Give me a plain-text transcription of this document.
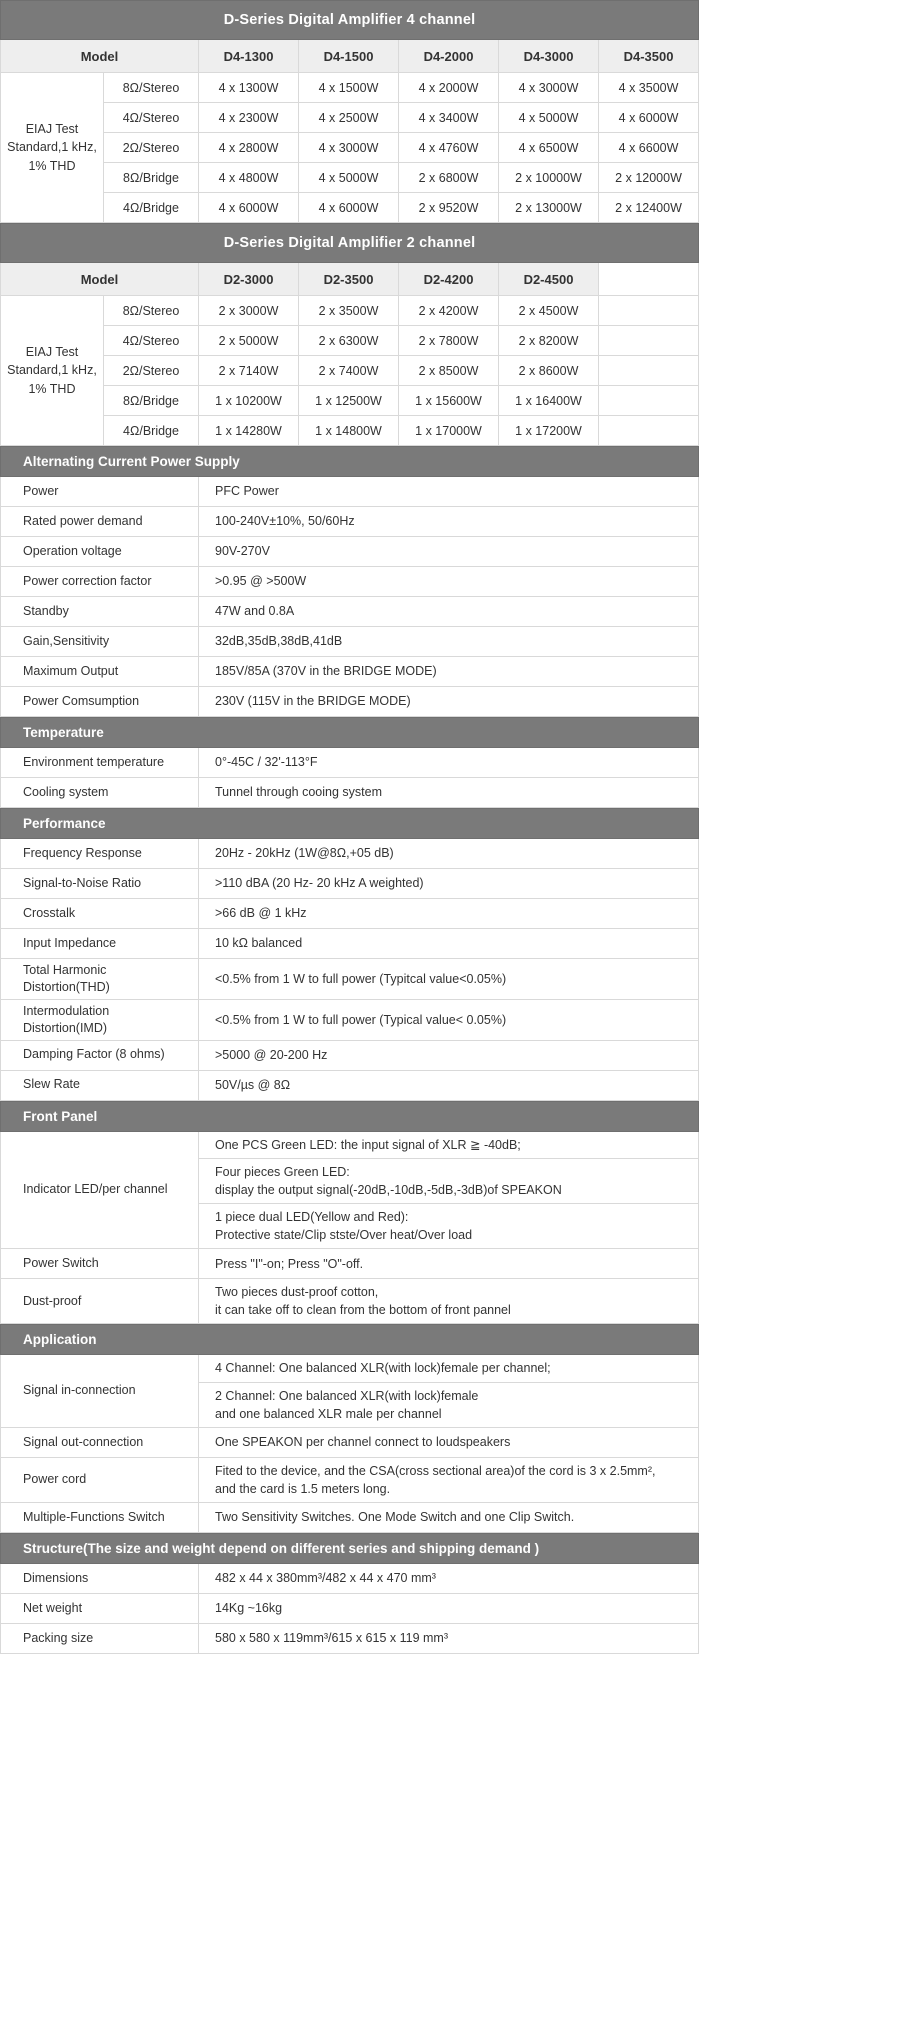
D-Series Digital Amplifier 4 channel						
Model		D4-1300	D4-1500	D4-2000	D4-3000	D4-3500

EIAJ Test
Standard,1 kHz,
1% THD	8Ω/Stereo	4 x 1300W	4 x 1500W	4 x 2000W	4 x 3000W	4 x 3500W
	4Ω/Stereo	4 x 2300W	4 x 2500W	4 x 3400W	4 x 5000W	4 x 6000W
	2Ω/Stereo	4 x 2800W	4 x 3000W	4 x 4760W	4 x 6500W	4 x 6600W
	8Ω/Bridge	4 x 4800W	4 x 5000W	2 x 6800W	2 x 10000W	2 x 12000W
	4Ω/Bridge	4 x 6000W	4 x 6000W	2 x 9520W	2 x 13000W	2 x 12400W
D-Series Digital Amplifier 2 channel						
Model		D2-3000	D2-3500	D2-4200	D2-4500	

EIAJ Test
Standard,1 kHz,
1% THD	8Ω/Stereo	2 x 3000W	2 x 3500W	2 x 4200W	2 x 4500W	
	4Ω/Stereo	2 x 5000W	2 x 6300W	2 x 7800W	2 x 8200W	
	2Ω/Stereo	2 x 7140W	2 x 7400W	2 x 8500W	2 x 8600W	
	8Ω/Bridge	1 x 10200W	1 x 12500W	1 x 15600W	1 x 16400W	
	4Ω/Bridge	1 x 14280W	1 x 14800W	1 x 17000W	1 x 17200W	
Alternating Current Power Supply	
Power	PFC Power
Rated power demand	100-240V±10%, 50/60Hz
Operation voltage	90V-270V
Power correction factor	>0.95 @ >500W
Standby	47W and 0.8A
Gain,Sensitivity	32dB,35dB,38dB,41dB
Maximum Output	185V/85A (370V in the BRIDGE MODE)
Power Comsumption	230V (115V in the BRIDGE MODE)
Temperature	
Environment temperature	0°-45C / 32'-113°F
Cooling system	Tunnel through cooing system
Performance	
Frequency Response	20Hz - 20kHz (1W@8Ω,+05 dB)
Signal-to-Noise Ratio	>110 dBA (20 Hz- 20 kHz A weighted)
Crosstalk	>66 dB @ 1 kHz
Input Impedance	10 kΩ balanced

Total Harmonic
Distortion(THD)	<0.5% from 1 W to full power (Typitcal value<0.05%)

Intermodulation
Distortion(IMD)	<0.5% from 1 W to full power (Typical value< 0.05%)
Damping Factor (8 ohms)	>5000 @ 20-200 Hz
Slew Rate	50V/µs @ 8Ω
Front Panel	
Indicator LED/per channel	One PCS Green LED: the input signal of XLR ≧ -40dB;

	Four pieces Green LED:
display the output signal(-20dB,-10dB,-5dB,-3dB)of SPEAKON

	1 piece dual LED(Yellow and Red):
Protective state/Clip stste/Over heat/Over load

Power Switch	Press "I"-on; Press "O"-off.

Dust-proof	Two pieces dust-proof cotton,
it can take off to clean from the bottom of front pannel
Application	
Signal in-connection	4 Channel: One balanced XLR(with lock)female per channel;

	2 Channel: One balanced XLR(with lock)female
and one balanced XLR male per channel

Signal out-connection	One SPEAKON per channel connect to loudspeakers

Power cord	Fited to the device, and the CSA(cross sectional area)of the cord is 3 x 2.5mm²,
and the card is 1.5 meters long.

Multiple-Functions Switch	Two Sensitivity Switches. One Mode Switch and one Clip Switch.
Structure(The size and weight depend on different series and shipping demand )	
Dimensions	482 x 44 x 380mm³/482 x 44 x 470 mm³
Net weight	14Kg ~16kg
Packing size	580 x 580 x 119mm³/615 x 615 x 119 mm³
